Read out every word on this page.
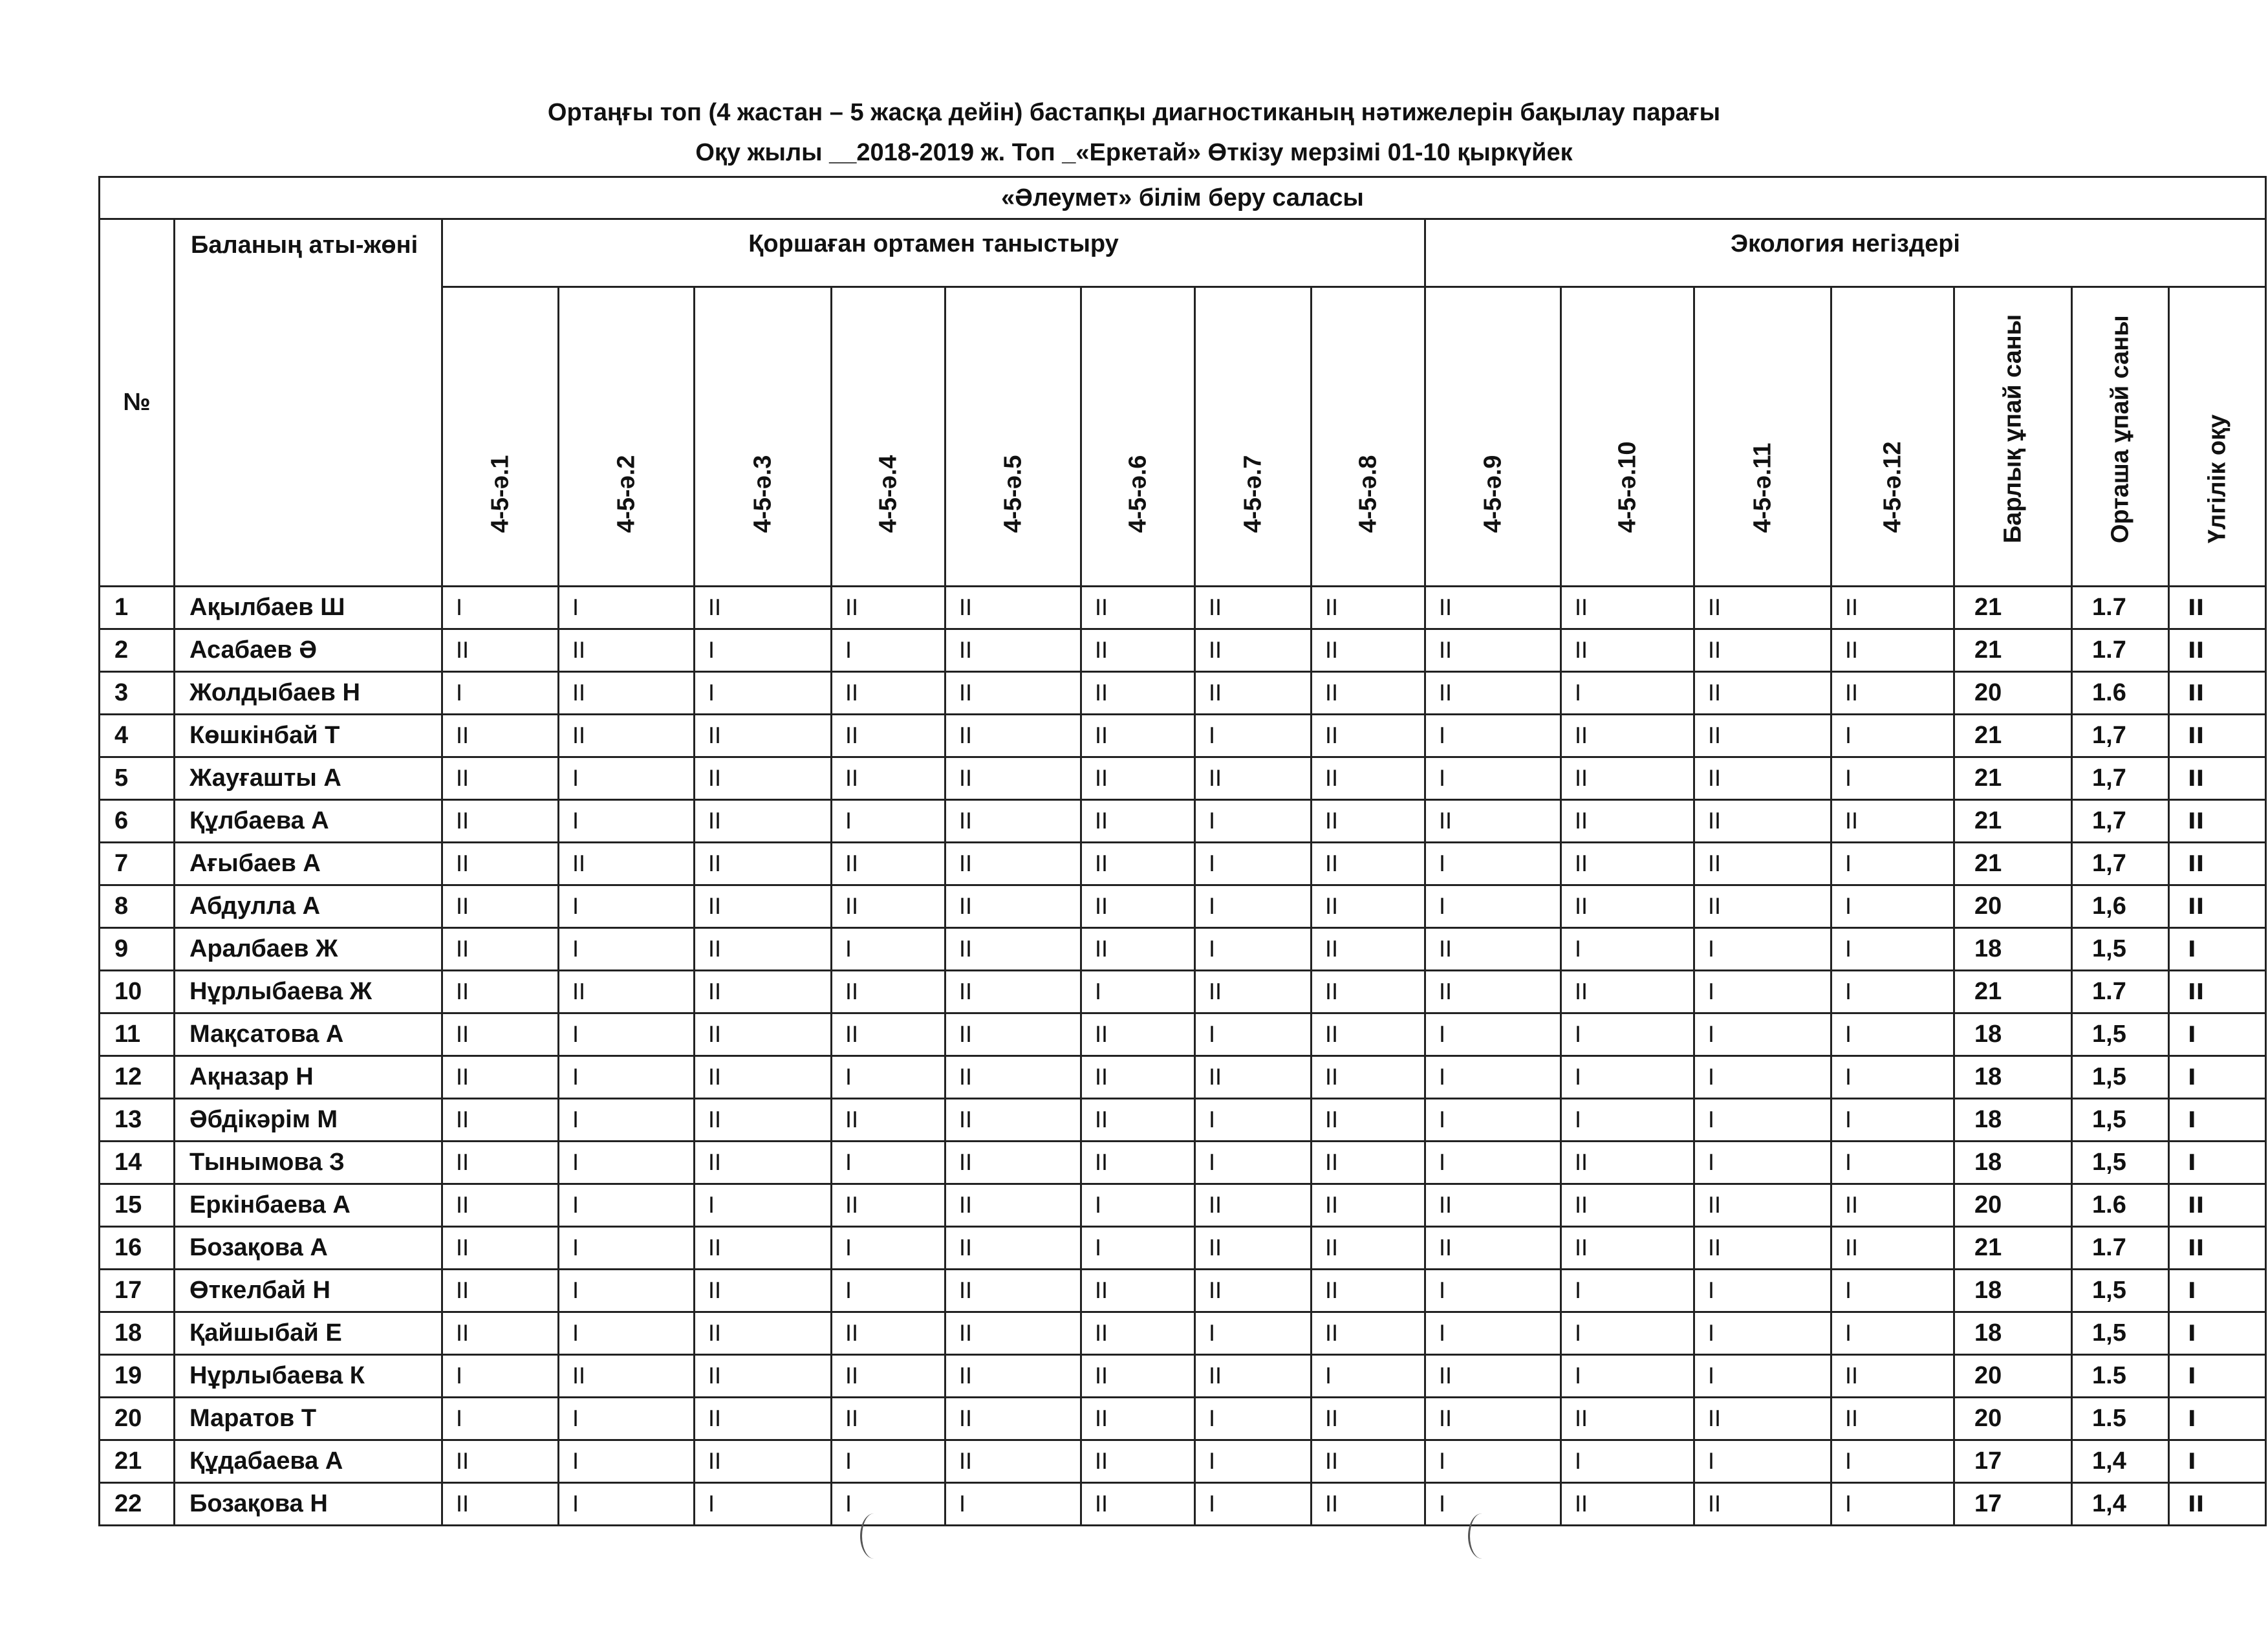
Ортаңғы топ (4 жастан – 5 жасқа дейін) бастапқы диагностиканың нәтижелерін бақылау парағы
Оқу жылы __2018-2019 ж. Топ _«Еркетай» Өткізу мерзімі 01-10 қыркүйек
«Әлеумет» білім беру саласы																
№	Баланың аты-жөні	Қоршаған ортамен таныстыру								Экология негіздері						

		4-5-ә.1	4-5-ә.2	4-5-ә.3	4-5-ә.4	4-5-ә.5	4-5-ә.6	4-5-ә.7	4-5-ә.8	4-5-ә.9	4-5-ә.10	4-5-ә.11	4-5-ә.12	Барлық ұпай саны	Орташа ұпай саны	Үлгілік оқу

1	Ақылбаев Ш	I	I	II	II	II	II	II	II	II	II	II	II	21	1.7	II
2	Асабаев Ә	II	II	I	I	II	II	II	II	II	II	II	II	21	1.7	II
3	Жолдыбаев Н	I	II	I	II	II	II	II	II	II	I	II	II	20	1.6	II
4	Көшкінбай Т	II	II	II	II	II	II	I	II	I	II	II	I	21	1,7	II
5	Жауғашты А	II	I	II	II	II	II	II	II	I	II	II	I	21	1,7	II
6	Құлбаева А	II	I	II	I	II	II	I	II	II	II	II	II	21	1,7	II
7	Ағыбаев А	II	II	II	II	II	II	I	II	I	II	II	I	21	1,7	II
8	Абдулла А	II	I	II	II	II	II	I	II	I	II	II	I	20	1,6	II
9	Аралбаев Ж	II	I	II	I	II	II	I	II	II	I	I	I	18	1,5	I
10	Нұрлыбаева Ж	II	II	II	II	II	I	II	II	II	II	I	I	21	1.7	II
11	Мақсатова А	II	I	II	II	II	II	I	II	I	I	I	I	18	1,5	I
12	Ақназар Н	II	I	II	I	II	II	II	II	I	I	I	I	18	1,5	I
13	Әбдікәрім М	II	I	II	II	II	II	I	II	I	I	I	I	18	1,5	I
14	Тынымова З	II	I	II	I	II	II	I	II	I	II	I	I	18	1,5	I
15	Еркінбаева А	II	I	I	II	II	I	II	II	II	II	II	II	20	1.6	II
16	Бозақова А	II	I	II	I	II	I	II	II	II	II	II	II	21	1.7	II
17	Өткелбай Н	II	I	II	I	II	II	II	II	I	I	I	I	18	1,5	I
18	Қайшыбай Е	II	I	II	II	II	II	I	II	I	I	I	I	18	1,5	I
19	Нұрлыбаева К	I	II	II	II	II	II	II	I	II	I	I	II	20	1.5	I
20	Маратов Т	I	I	II	II	II	II	I	II	II	II	II	II	20	1.5	I
21	Құдабаева А	II	I	II	I	II	II	I	II	I	I	I	I	17	1,4	I
22	Бозақова Н	II	I	I	I	I	II	I	II	I	II	II	I	17	1,4	II
